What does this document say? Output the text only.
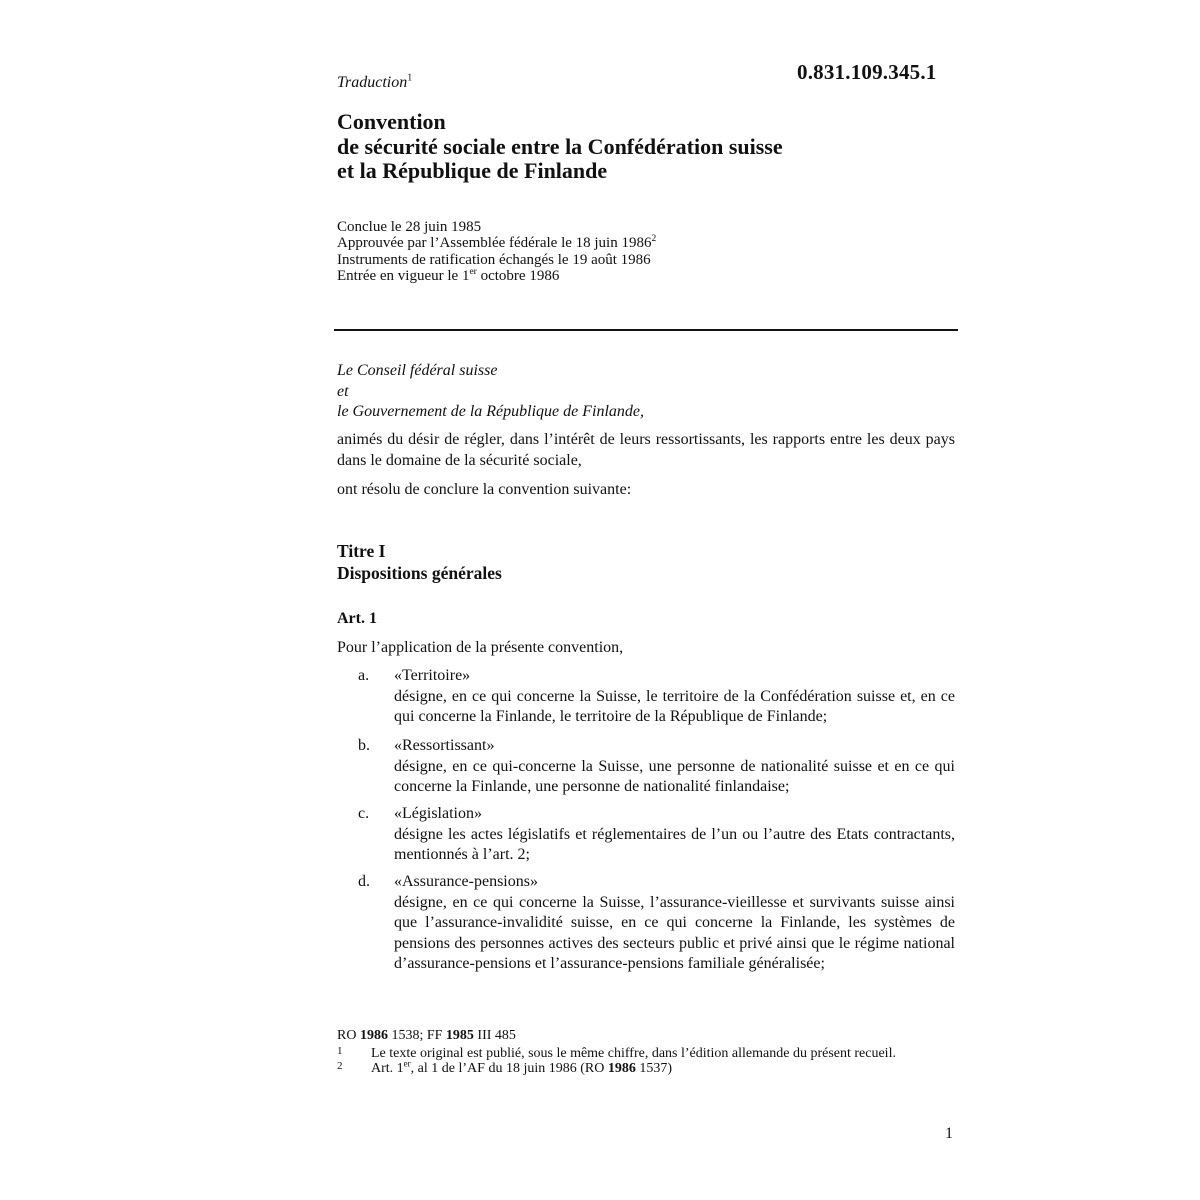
0.831.109.345.1
Traduction$^1$
Convention
de sécurité sociale entre la Confédération suisse
et la République de Finlande
Conclue le 28 juin 1985
Approuvée par l’Assemblée fédérale le 18 juin 1986$^2$
Instruments de ratification échangés le 19 août 1986
Entrée en vigueur le 1er octobre 1986
Le Conseil fédéral suisse
et
le Gouvernement de la République de Finlande,
animés du désir de régler, dans l’intérêt de leurs ressortissants, les rapports entre les deux pays dans le domaine de la sécurité sociale,
ont résolu de conclure la convention suivante:
Titre I
Dispositions générales
Art. 1
Pour l’application de la présente convention,
a. «Territoire»
désigne, en ce qui concerne la Suisse, le territoire de la Confédération suisse et, en ce qui concerne la Finlande, le territoire de la République de Finlande;
b. «Ressortissant»
désigne, en ce qui-concerne la Suisse, une personne de nationalité suisse et en ce qui concerne la Finlande, une personne de nationalité finlandaise;
c. «Législation»
désigne les actes législatifs et réglementaires de l’un ou l’autre des Etats contractants, mentionnés à l’art. 2;
d. «Assurance-pensions»
désigne, en ce qui concerne la Suisse, l’assurance-vieillesse et survivants suisse ainsi que l’assurance-invalidité suisse, en ce qui concerne la Finlande, les systèmes de pensions des personnes actives des secteurs public et privé ainsi que le régime national d’assurance-pensions et l’assurance-pensions familiale généralisée;
RO 1986 1538; FF 1985 III 485
1 Le texte original est publié, sous le même chiffre, dans l’édition allemande du présent recueil.
2 Art. 1er, al 1 de l’AF du 18 juin 1986 (RO 1986 1537)
1
